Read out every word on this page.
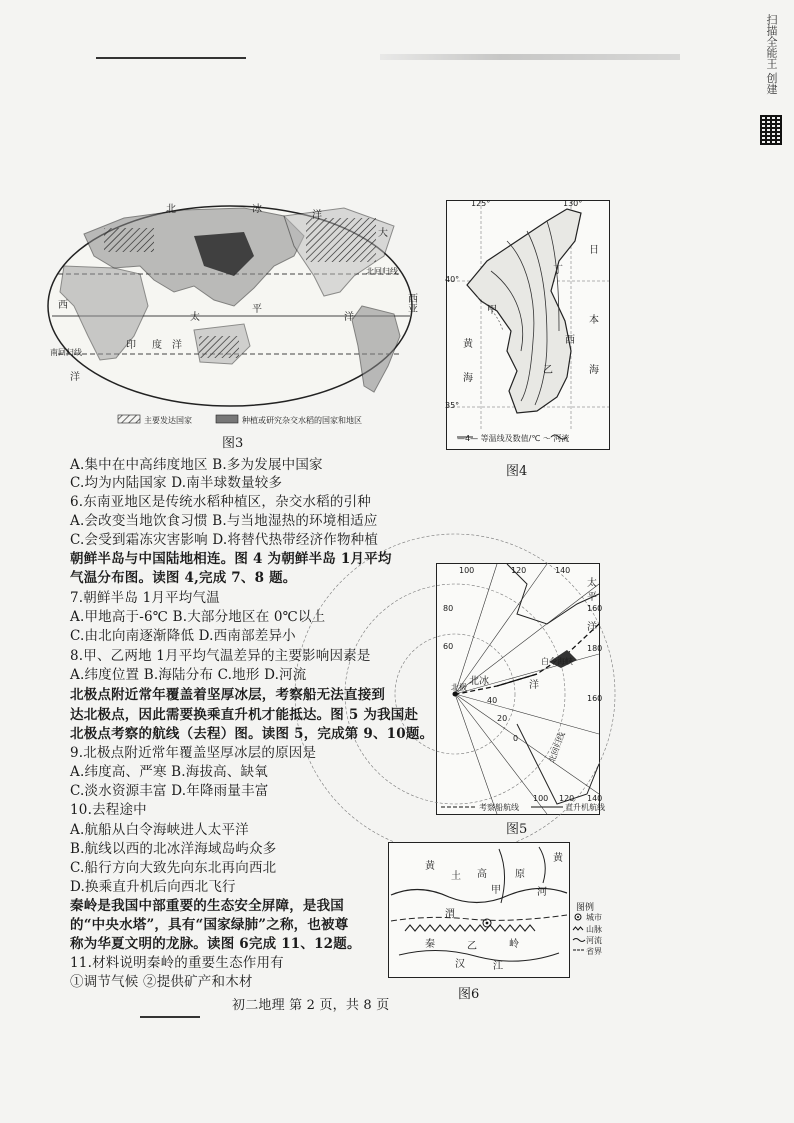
扫描全能王 创建
主要发达国家	种植或研究杂交水稻的国家和地区
北	冰
洋
大
北回归线
西
太
平
洋
印 度 洋
南回归线
洋
西
亚
图3
125°	130°
40°
35°
丁
日
本
甲
黄
海
西
海
乙
—4— 等温线及数值/℃ ～ 河流
图4
100	120	140
80	160
60	180
20
0
40	160
140
120
100
太
平
洋
北冰	洋
白令海峡
北极
北回归线
考察船航线	直升机航线
图5
黄
土 高	原
黄
渭
甲	河
乙
汉	江
秦	岭
图例
城市
山脉
河流
省界
图6
A.集中在中高纬度地区 B.多为发展中国家
C.均为内陆国家 D.南半球数量较多
6.东南亚地区是传统水稻种植区，杂交水稻的引种
A.会改变当地饮食习惯 B.与当地湿热的环境相适应
C.会受到霜冻灾害影响 D.将替代热带经济作物种植
朝鲜半岛与中国陆地相连。图 4 为朝鲜半岛 1月平均
气温分布图。读图 4,完成 7、8 题。
7.朝鲜半岛 1月平均气温
A.甲地高于-6℃ B.大部分地区在 0℃以上
C.由北向南逐渐降低 D.西南部差异小
8.甲、乙两地 1月平均气温差异的主要影响因素是
A.纬度位置 B.海陆分布 C.地形 D.河流
北极点附近常年覆盖着坚厚冰层，考察船无法直接到
达北极点，因此需要换乘直升机才能抵达。图 5 为我国赴
北极点考察的航线（去程）图。读图 5，完成第 9、10题。
9.北极点附近常年覆盖坚厚冰层的原因是
A.纬度高、严寒 B.海拔高、缺氧
C.淡水资源丰富 D.年降雨量丰富
10.去程途中
A.航船从白令海峡进人太平洋
B.航线以西的北冰洋海域岛屿众多
C.船行方向大致先向东北再向西北
D.换乘直升机后向西北飞行
秦岭是我国中部重要的生态安全屏障，是我国
的“中央水塔”，具有“国家绿肺”之称，也被尊
称为华夏文明的龙脉。读图 6完成 11、12题。
11.材料说明秦岭的重要生态作用有
①调节气候 ②提供矿产和木材
初二地理 第 2 页，共 8 页
